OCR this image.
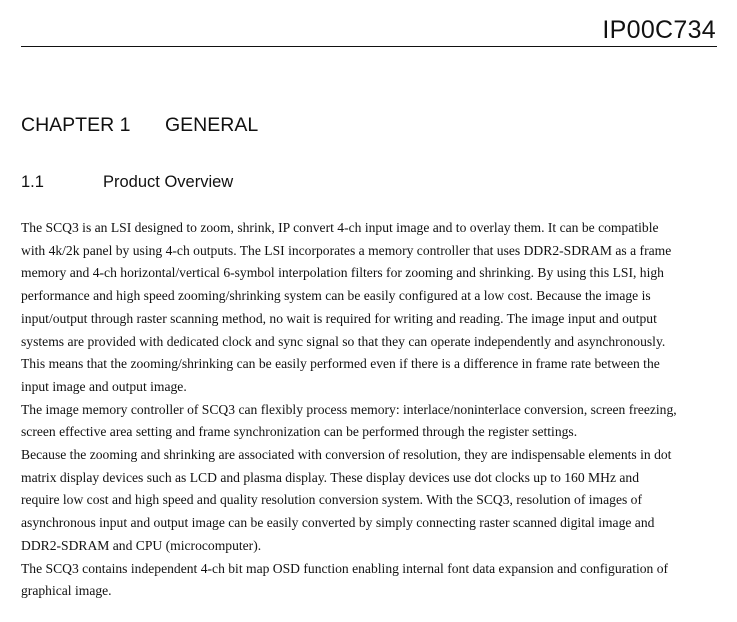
IP00C734
CHAPTER 1 GENERAL
1.1	Product Overview
The SCQ3 is an LSI designed to zoom, shrink, IP convert 4-ch input image and to overlay them. It can be compatible
with 4k/2k panel by using 4-ch outputs. The LSI incorporates a memory controller that uses DDR2-SDRAM as a frame
memory and 4-ch horizontal/vertical 6-symbol interpolation filters for zooming and shrinking. By using this LSI, high
performance and high speed zooming/shrinking system can be easily configured at a low cost. Because the image is
input/output through raster scanning method, no wait is required for writing and reading. The image input and output
systems are provided with dedicated clock and sync signal so that they can operate independently and asynchronously.
This means that the zooming/shrinking can be easily performed even if there is a difference in frame rate between the
input image and output image.
The image memory controller of SCQ3 can flexibly process memory: interlace/noninterlace conversion, screen freezing,
screen effective area setting and frame synchronization can be performed through the register settings.
Because the zooming and shrinking are associated with conversion of resolution, they are indispensable elements in dot
matrix display devices such as LCD and plasma display. These display devices use dot clocks up to 160 MHz and
require low cost and high speed and quality resolution conversion system. With the SCQ3, resolution of images of
asynchronous input and output image can be easily converted by simply connecting raster scanned digital image and
DDR2-SDRAM and CPU (microcomputer).
The SCQ3 contains independent 4-ch bit map OSD function enabling internal font data expansion and configuration of
graphical image.
